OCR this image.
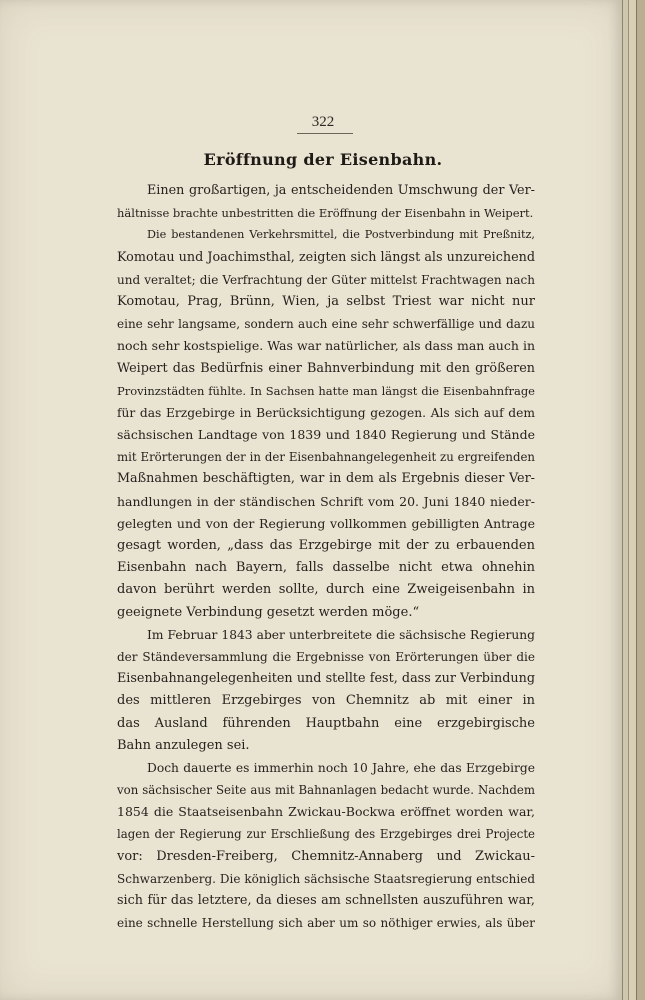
322
Eröffnung der Eisenbahn.
Einen großartigen, ja entscheidenden Umschwung der Ver-
hältnisse brachte unbestritten die Eröffnung der Eisenbahn in Weipert.
Die bestandenen Verkehrsmittel, die Postverbindung mit Preßnitz,
Komotau und Joachimsthal, zeigten sich längst als unzureichend
und veraltet; die Verfrachtung der Güter mittelst Frachtwagen nach
Komotau, Prag, Brünn, Wien, ja selbst Triest war nicht nur
eine sehr langsame, sondern auch eine sehr schwerfällige und dazu
noch sehr kostspielige. Was war natürlicher, als dass man auch in
Weipert das Bedürfnis einer Bahnverbindung mit den größeren
Provinzstädten fühlte. In Sachsen hatte man längst die Eisenbahnfrage
für das Erzgebirge in Berücksichtigung gezogen. Als sich auf dem
sächsischen Landtage von 1839 und 1840 Regierung und Stände
mit Erörterungen der in der Eisenbahnangelegenheit zu ergreifenden
Maßnahmen beschäftigten, war in dem als Ergebnis dieser Ver-
handlungen in der ständischen Schrift vom 20. Juni 1840 nieder-
gelegten und von der Regierung vollkommen gebilligten Antrage
gesagt worden, „dass das Erzgebirge mit der zu erbauenden
Eisenbahn nach Bayern, falls dasselbe nicht etwa ohnehin
davon berührt werden sollte, durch eine Zweigeisenbahn in
geeignete Verbindung gesetzt werden möge.“
Im Februar 1843 aber unterbreitete die sächsische Regierung
der Ständeversammlung die Ergebnisse von Erörterungen über die
Eisenbahnangelegenheiten und stellte fest, dass zur Verbindung
des mittleren Erzgebirges von Chemnitz ab mit einer in
das Ausland führenden Hauptbahn eine erzgebirgische
Bahn anzulegen sei.
Doch dauerte es immerhin noch 10 Jahre, ehe das Erzgebirge
von sächsischer Seite aus mit Bahnanlagen bedacht wurde. Nachdem
1854 die Staatseisenbahn Zwickau-Bockwa eröffnet worden war,
lagen der Regierung zur Erschließung des Erzgebirges drei Projecte
vor: Dresden-Freiberg, Chemnitz-Annaberg und Zwickau-
Schwarzenberg. Die königlich sächsische Staatsregierung entschied
sich für das letztere, da dieses am schnellsten auszuführen war,
eine schnelle Herstellung sich aber um so nöthiger erwies, als über
